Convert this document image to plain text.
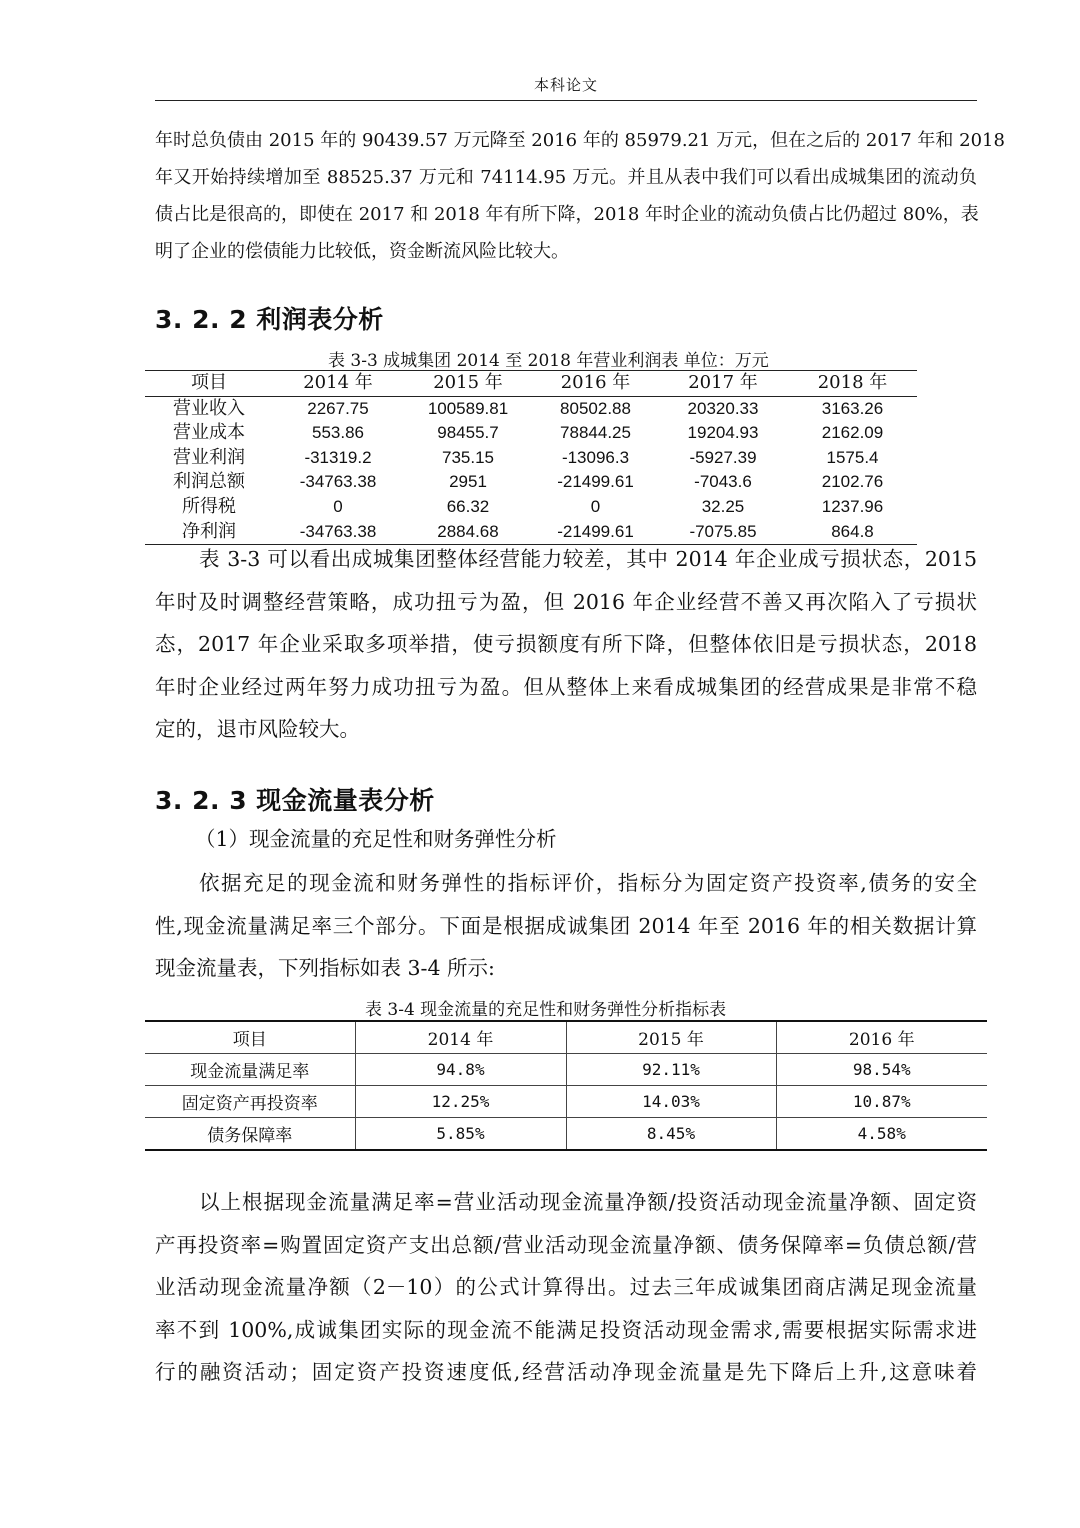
本科论文
年时总负债由 2015 年的 90439.57 万元降至 2016 年的 85979.21 万元，但在之后的 2017 年和 2018
年又开始持续增加至 88525.37 万元和 74114.95 万元。并且从表中我们可以看出成城集团的流动负
债占比是很高的，即使在 2017 和 2018 年有所下降，2018 年时企业的流动负债占比仍超过 80%，表
明了企业的偿债能力比较低，资金断流风险比较大。
3. 2. 2 利润表分析
表 3-3 成城集团 2014 至 2018 年营业利润表 单位：万元
项目	2014 年	2015 年	2016 年	2017 年	2018 年
营业收入	2267.75	100589.81	80502.88	20320.33	3163.26
营业成本	553.86	98455.7	78844.25	19204.93	2162.09
营业利润	-31319.2	735.15	-13096.3	-5927.39	1575.4
利润总额	-34763.38	2951	-21499.61	-7043.6	2102.76
所得税	0	66.32	0	32.25	1237.96
净利润	-34763.38	2884.68	-21499.61	-7075.85	864.8
表 3-3 可以看出成城集团整体经营能力较差，其中 2014 年企业成亏损状态，2015
年时及时调整经营策略，成功扭亏为盈，但 2016 年企业经营不善又再次陷入了亏损状
态，2017 年企业采取多项举措，使亏损额度有所下降，但整体依旧是亏损状态，2018
年时企业经过两年努力成功扭亏为盈。但从整体上来看成城集团的经营成果是非常不稳
定的，退市风险较大。
3. 2. 3 现金流量表分析
（1）现金流量的充足性和财务弹性分析
依据充足的现金流和财务弹性的指标评价，指标分为固定资产投资率,债务的安全
性,现金流量满足率三个部分。下面是根据成诚集团 2014 年至 2016 年的相关数据计算
现金流量表，下列指标如表 3-4 所示:
表 3-4 现金流量的充足性和财务弹性分析指标表
项目	2014 年	2015 年	2016 年
现金流量满足率	94.8%	92.11%	98.54%
固定资产再投资率	12.25%	14.03%	10.87%
债务保障率	5.85%	8.45%	4.58%
以上根据现金流量满足率=营业活动现金流量净额/投资活动现金流量净额、固定资
产再投资率=购置固定资产支出总额/营业活动现金流量净额、债务保障率=负债总额/营
业活动现金流量净额（2－10）的公式计算得出。过去三年成诚集团商店满足现金流量
率不到 100%,成诚集团实际的现金流不能满足投资活动现金需求,需要根据实际需求进
行的融资活动；固定资产投资速度低,经营活动净现金流量是先下降后上升,这意味着
